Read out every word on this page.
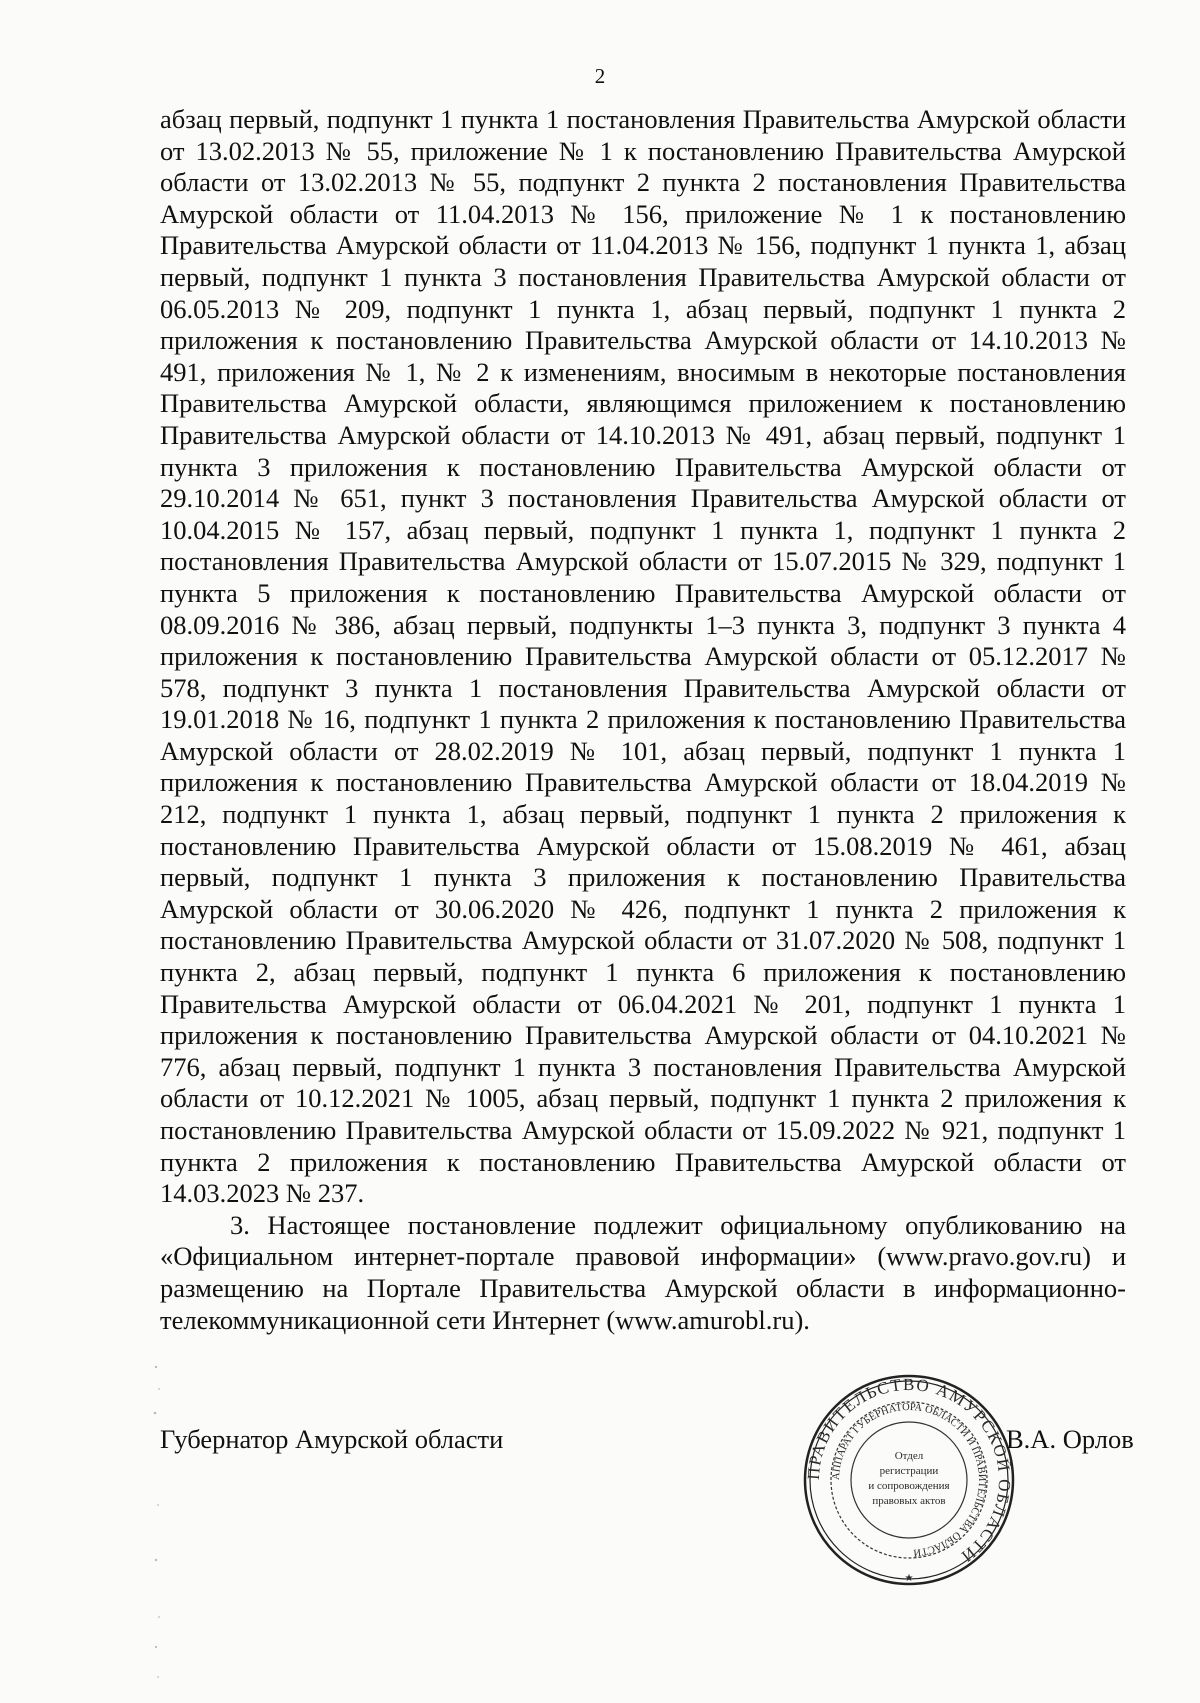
2

абзац первый, подпункт 1 пункта 1 постановления Правительства Амурской области от 13.02.2013 № 55, приложение № 1 к постановлению Правительства Амурской области от 13.02.2013 № 55, подпункт 2 пункта 2 постановления Правительства Амурской области от 11.04.2013 № 156, приложение № 1 к постановлению Правительства Амурской области от 11.04.2013 № 156, подпункт 1 пункта 1, абзац первый, подпункт 1 пункта 3 постановления Правительства Амурской области от 06.05.2013 № 209, подпункт 1 пункта 1, абзац первый, подпункт 1 пункта 2 приложения к постановлению Правительства Амурской области от 14.10.2013 № 491, приложения № 1, № 2 к изменениям, вносимым в некоторые постановления Правительства Амурской области, являющимся приложением к постановлению Правительства Амурской области от 14.10.2013 № 491, абзац первый, подпункт 1 пункта 3 приложения к постановлению Правительства Амурской области от 29.10.2014 № 651, пункт 3 постановления Правительства Амурской области от 10.04.2015 № 157, абзац первый, подпункт 1 пункта 1, подпункт 1 пункта 2 постановления Правительства Амурской области от 15.07.2015 № 329, подпункт 1 пункта 5 приложения к постановлению Правительства Амурской области от 08.09.2016 № 386, абзац первый, подпункты 1–3 пункта 3, подпункт 3 пункта 4 приложения к постановлению Правительства Амурской области от 05.12.2017 № 578, подпункт 3 пункта 1 постановления Правительства Амурской области от 19.01.2018 № 16, подпункт 1 пункта 2 приложения к постановлению Правительства Амурской области от 28.02.2019 № 101, абзац первый, подпункт 1 пункта 1 приложения к постановлению Правительства Амурской области от 18.04.2019 № 212, подпункт 1 пункта 1, абзац первый, подпункт 1 пункта 2 приложения к постановлению Правительства Амурской области от 15.08.2019 № 461, абзац первый, подпункт 1 пункта 3 приложения к постановлению Правительства Амурской области от 30.06.2020 № 426, подпункт 1 пункта 2 приложения к постановлению Правительства Амурской области от 31.07.2020 № 508, подпункт 1 пункта 2, абзац первый, подпункт 1 пункта 6 приложения к постановлению Правительства Амурской области от 06.04.2021 № 201, подпункт 1 пункта 1 приложения к постановлению Правительства Амурской области от 04.10.2021 № 776, абзац первый, подпункт 1 пункта 3 постановления Правительства Амурской области от 10.12.2021 № 1005, абзац первый, подпункт 1 пункта 2 приложения к постановлению Правительства Амурской области от 15.09.2022 № 921, подпункт 1 пункта 2 приложения к постановлению Правительства Амурской области от 14.03.2023 № 237.

3. Настоящее постановление подлежит официальному опубликованию на «Официальном интернет-портале правовой информации» (www.pravo.gov.ru) и размещению на Портале Правительства Амурской области в информационно-телекоммуникационной сети Интернет (www.amurobl.ru).

Губернатор Амурской области
ПРАВИТЕЛЬСТВО АМУРСКОЙ ОБЛАСТИ
АППАРАТ ГУБЕРНАТОРА ОБЛАСТИ И ПРАВИТЕЛЬСТВА ОБЛАСТИ
Отдел
регистрации
и сопровождения
правовых актов
★
В.А. Орлов
